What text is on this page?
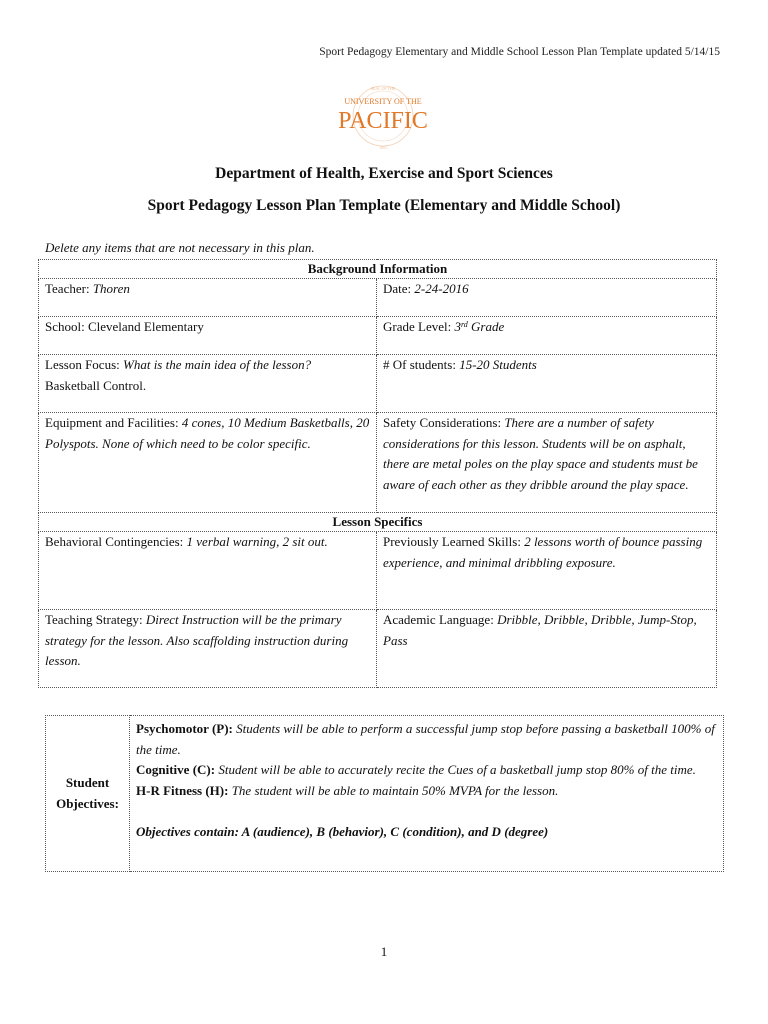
Sport Pedagogy Elementary and Middle School Lesson Plan Template updated 5/14/15
SEAL OF THE
1851
UNIVERSITY OF THE
PACIFIC
Department of Health, Exercise and Sport Sciences
Sport Pedagogy Lesson Plan Template (Elementary and Middle School)
Delete any items that are not necessary in this plan.
Background Information	
Teacher: Thoren	Date: 2-24-2016
School: Cleveland Elementary	Grade Level: 3rd Grade
Lesson Focus: What is the main idea of the lesson?
Basketball Control.	# Of students: 15-20 Students
Equipment and Facilities: 4 cones, 10 Medium Basketballs, 20 Polyspots. None of which need to be color specific.	Safety Considerations: There are a number of safety considerations for this lesson. Students will be on asphalt, there are metal poles on the play space and students must be aware of each other as they dribble around the play space.
Lesson Specifics	
Behavioral Contingencies: 1 verbal warning, 2 sit out.	Previously Learned Skills: 2 lessons worth of bounce passing experience, and minimal dribbling exposure.
Teaching Strategy: Direct Instruction will be the primary strategy for the lesson. Also scaffolding instruction during lesson.	Academic Language: Dribble, Dribble, Dribble, Jump-Stop, Pass
Student
Objectives:	
Psychomotor (P): Students will be able to perform a successful jump stop before passing a basketball 100% of the time.
Cognitive (C): Student will be able to accurately recite the Cues of a basketball jump stop 80% of the time.
H-R Fitness (H): The student will be able to maintain 50% MVPA for the lesson.
Objectives contain: A (audience), B (behavior), C (condition), and D (degree)
1
